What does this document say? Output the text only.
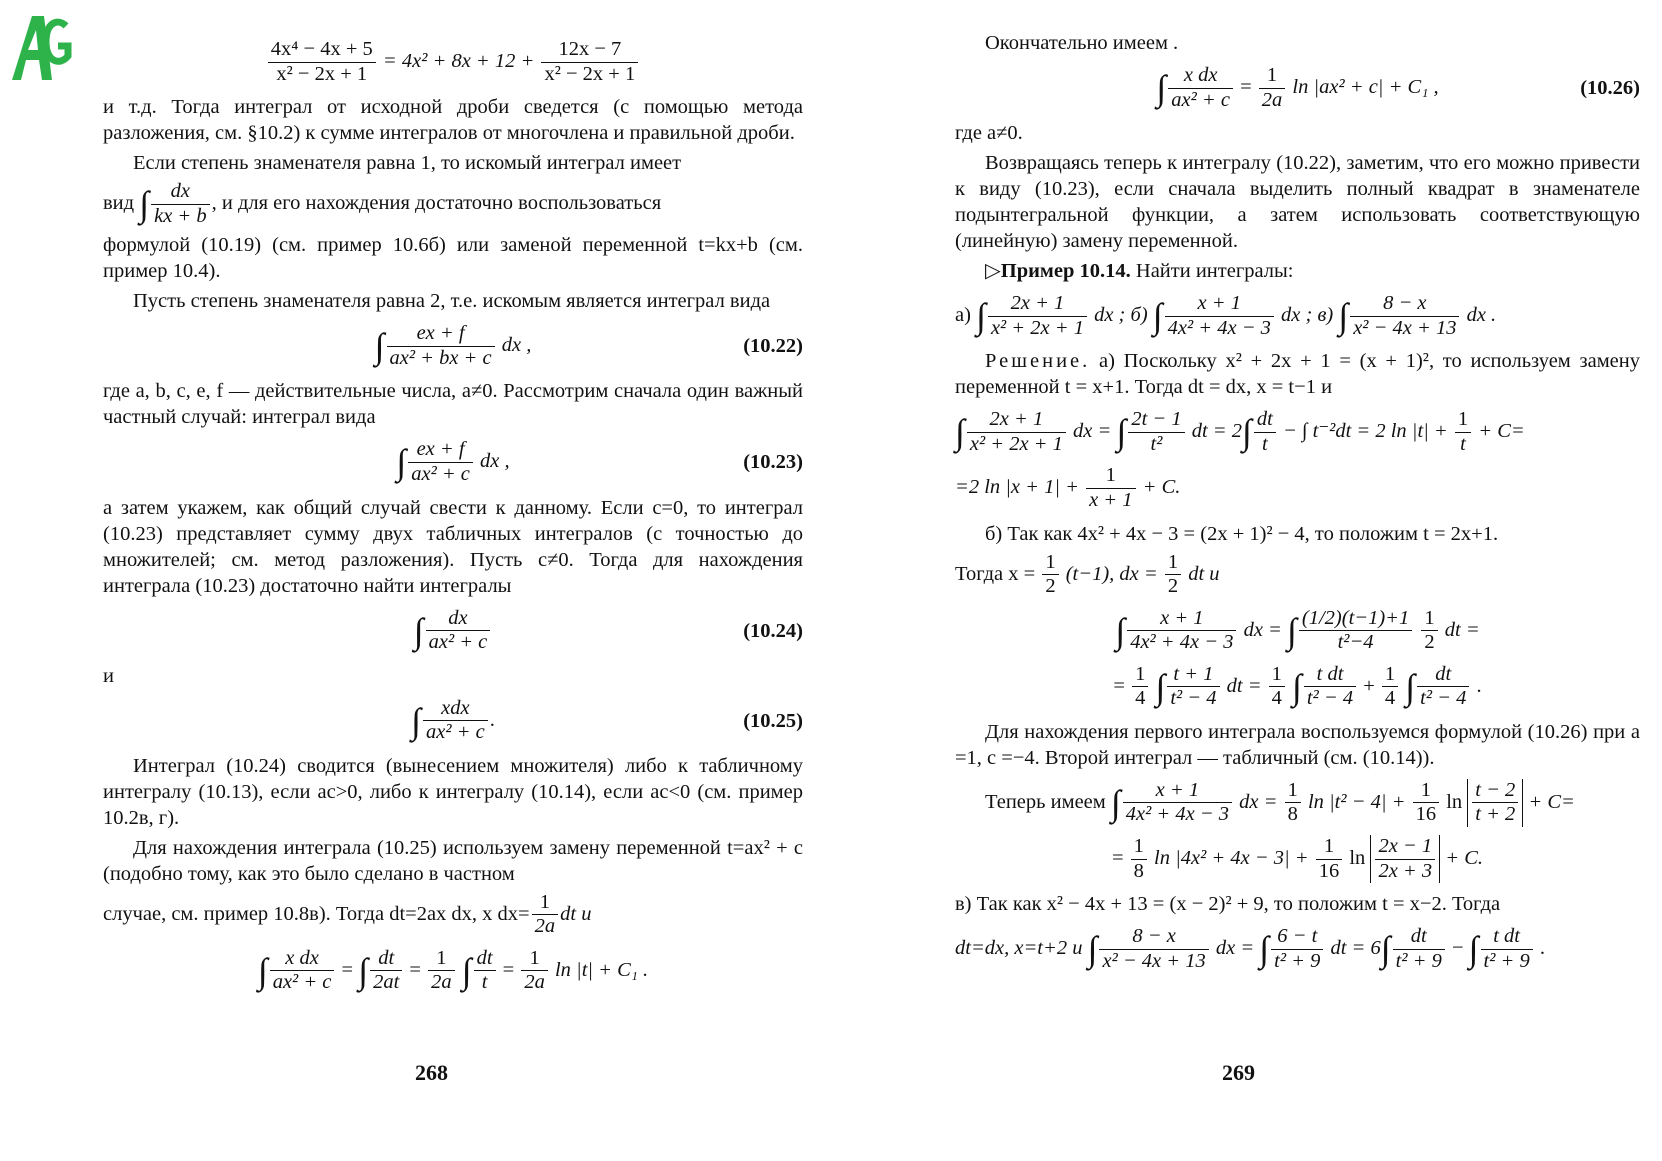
$\frac{\text{4x⁴ − 4x + 5}}{\text{x² − 2x + 1}} = 4x^2 + 8x + 12 + \frac{12x - 7}{\text{x² − 2x + 1}}$
и т.д. Тогда интеграл от исходной дроби сведется (с помощью метода разложения, см. §10.2) к сумме интегралов от многочлена и правильной дроби.
Если степень знаменателя равна 1, то искомый интеграл имеет
вид ∫ $\frac{dx}{kx + b}$ , и для его нахождения достаточно воспользоваться
формулой (10.19) (см. пример 10.6б) или заменой переменной t=kx+b (см. пример 10.4).
Пусть степень знаменателя равна 2, т.е. искомым является интеграл вида
∫ $\frac{ex + f}{\text{ax² + bx + c}}$ dx ,	(10.22)
где a, b, c, e, f — действительные числа, a≠0. Рассмотрим сначала один важный частный случай: интеграл вида
∫ $\frac{ex + f}{\text{ax² + c}}$ dx ,	(10.23)
а затем укажем, как общий случай свести к данному. Если c=0, то интеграл (10.23) представляет сумму двух табличных интегралов (с точностью до множителей; см. метод разложения). Пусть c≠0. Тогда для нахождения интеграла (10.23) достаточно найти интегралы
∫ $\frac{dx}{\text{ax² + c}}$	(10.24)
и
∫ $\frac{\text{xdx}}{\text{ax² + c}}$ .	(10.25)
Интеграл (10.24) сводится (вынесением множителя) либо к табличному интегралу (10.13), если ac>0, либо к интегралу (10.14), если ac<0 (см. пример 10.2в, г).
Для нахождения интеграла (10.25) используем замену переменной t=ax² + c (подобно тому, как это было сделано в частном
случае, см. пример 10.8в). Тогда dt=2ax dx, x $dx= \frac{1}{2a}$ dt и
∫ $\frac{\text{x dx}}{\text{ax² + c}}$ = ∫ $\frac{dt}{2at} = \frac{1}{2a}$ ∫ $\frac{dt}{t} = \frac{1}{2a}$ ln |t| + C₁ .
268
Окончательно имеем .
∫ $\frac{\text{x dx}}{\text{ax² + c}} = \frac{1}{2a}$ ln |ax² + c| + C₁ ,	(10.26)
где a≠0.
Возвращаясь теперь к интегралу (10.22), заметим, что его можно привести к виду (10.23), если сначала выделить полный квадрат в знаменателе подынтегральной функции, а затем использовать соответствующую (линейную) замену переменной.
▷Пример 10.14. Найти интегралы:
а) ∫ $\frac{2x + 1}{\text{x² + 2x + 1}}$ dx ; б) ∫ $\frac{x + 1}{\text{4x² + 4x − 3}}$ dx ; в) ∫ $\frac{8 - x}{\text{x² − 4x + 13}}$ dx .
Решение. а) Поскольку x² + 2x + 1 = (x + 1)², то используем замену переменной t = x+1. Тогда dt = dx, x = t−1 и
∫ $\frac{2x + 1}{\text{x² + 2x + 1}}$ dx = ∫ $\frac{2t - 1}{\text{t²}}$ dt = $2\int \frac{dt}{t}$ − ∫ t⁻²dt = 2 $\ln |t| + \frac{1}{t} + C=$
=2 $\ln |x + 1| + \frac{1}{x + 1} + C$.
б) Так как 4x² + 4x − 3 = (2x + 1)² − 4, то положим t = 2x+1.
Тогда $x = \frac{1}{2} (t-1)$, dx = $\frac{1}{2}$ dt и
∫ $\frac{x + 1}{\text{4x² + 4x − 3}}$ dx = ∫ $\frac{(1/2)(t-1)+1}{\text{t²−4}}$
$\frac{1}{2}$ dt =
= $\frac{1}{4}$ ∫ $\frac{t + 1}{\text{t² − 4}}$ dt = $\frac{1}{4}$ ∫ $\frac{\text{t dt}}{\text{t² − 4}} + \frac{1}{4}$ ∫ $\frac{dt}{\text{t² − 4}}$ .
Для нахождения первого интеграла воспользуемся формулой (10.26) при a =1, c =−4. Второй интеграл — табличный (см. (10.14)).
Теперь имеем ∫ $\frac{x + 1}{\text{4x² + 4x − 3}}$ dx = $\frac{1}{8}$ $\ln |t^2 - 4| + \frac{1}{16}$ $\ln \frac{t - 2}{t + 2} + C=$
= $\frac{1}{8}$ $\ln |4x^2 + 4x - 3| + \frac{1}{16}$ $\ln \frac{2x - 1}{2x + 3} + C$.
в) Так как x² − 4x + 13 = (x − 2)² + 9, то положим t = x−2. Тогда
dt=dx, x=t+2 и ∫ $\frac{8 - x}{\text{x² − 4x + 13}}$ dx = ∫ $\frac{6 - t}{\text{t² + 9}}$ dt = $6\int \frac{dt}{\text{t² + 9}}$ − ∫ $\frac{\text{t dt}}{\text{t² + 9}}$ .
269
